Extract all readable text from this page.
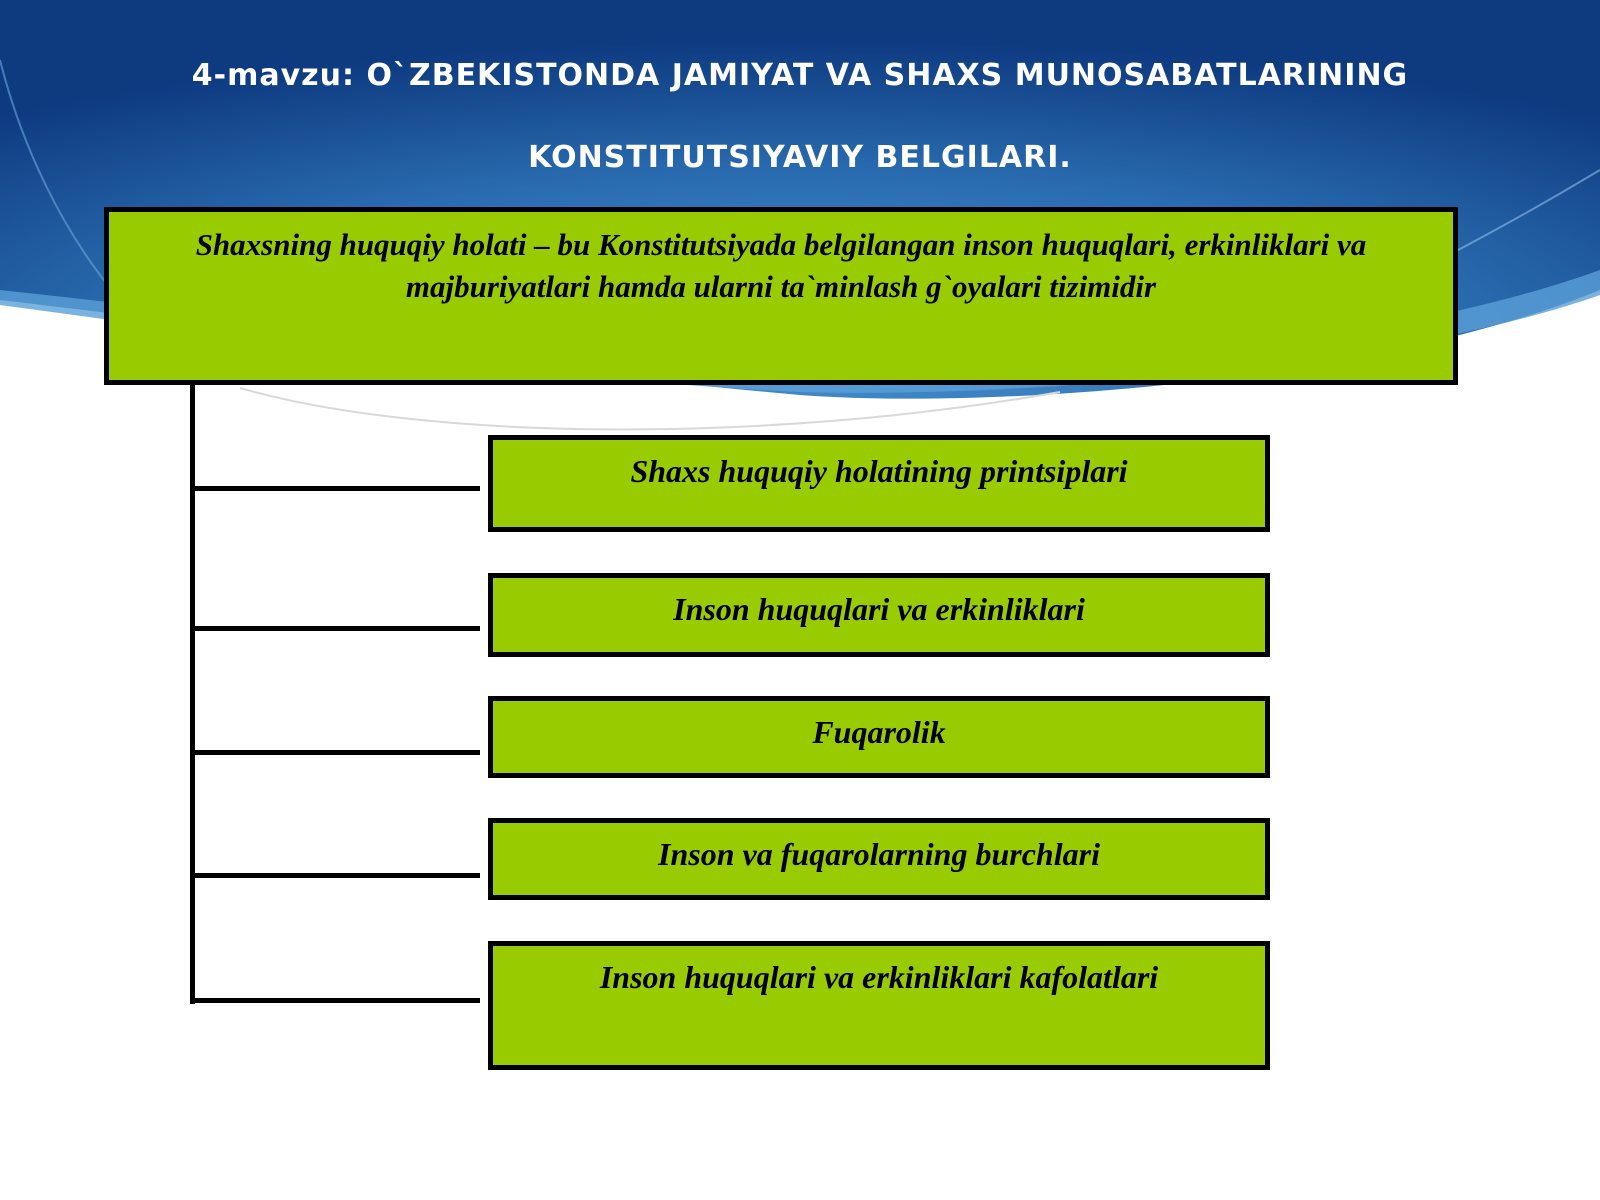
4-mavzu: O`ZBEKISTONDA JAMIYAT VA SHAXS MUNOSABATLARINING
KONSTITUTSIYAVIY BELGILARI.
Shaxsning huquqiy holati – bu Konstitutsiyada belgilangan inson huquqlari, erkinliklari va majburiyatlari hamda ularni ta`minlash g`oyalari tizimidir
Shaxs huquqiy holatining printsiplari
Inson huquqlari va erkinliklari
Fuqarolik
Inson va fuqarolarning burchlari
Inson huquqlari va erkinliklari kafolatlari
